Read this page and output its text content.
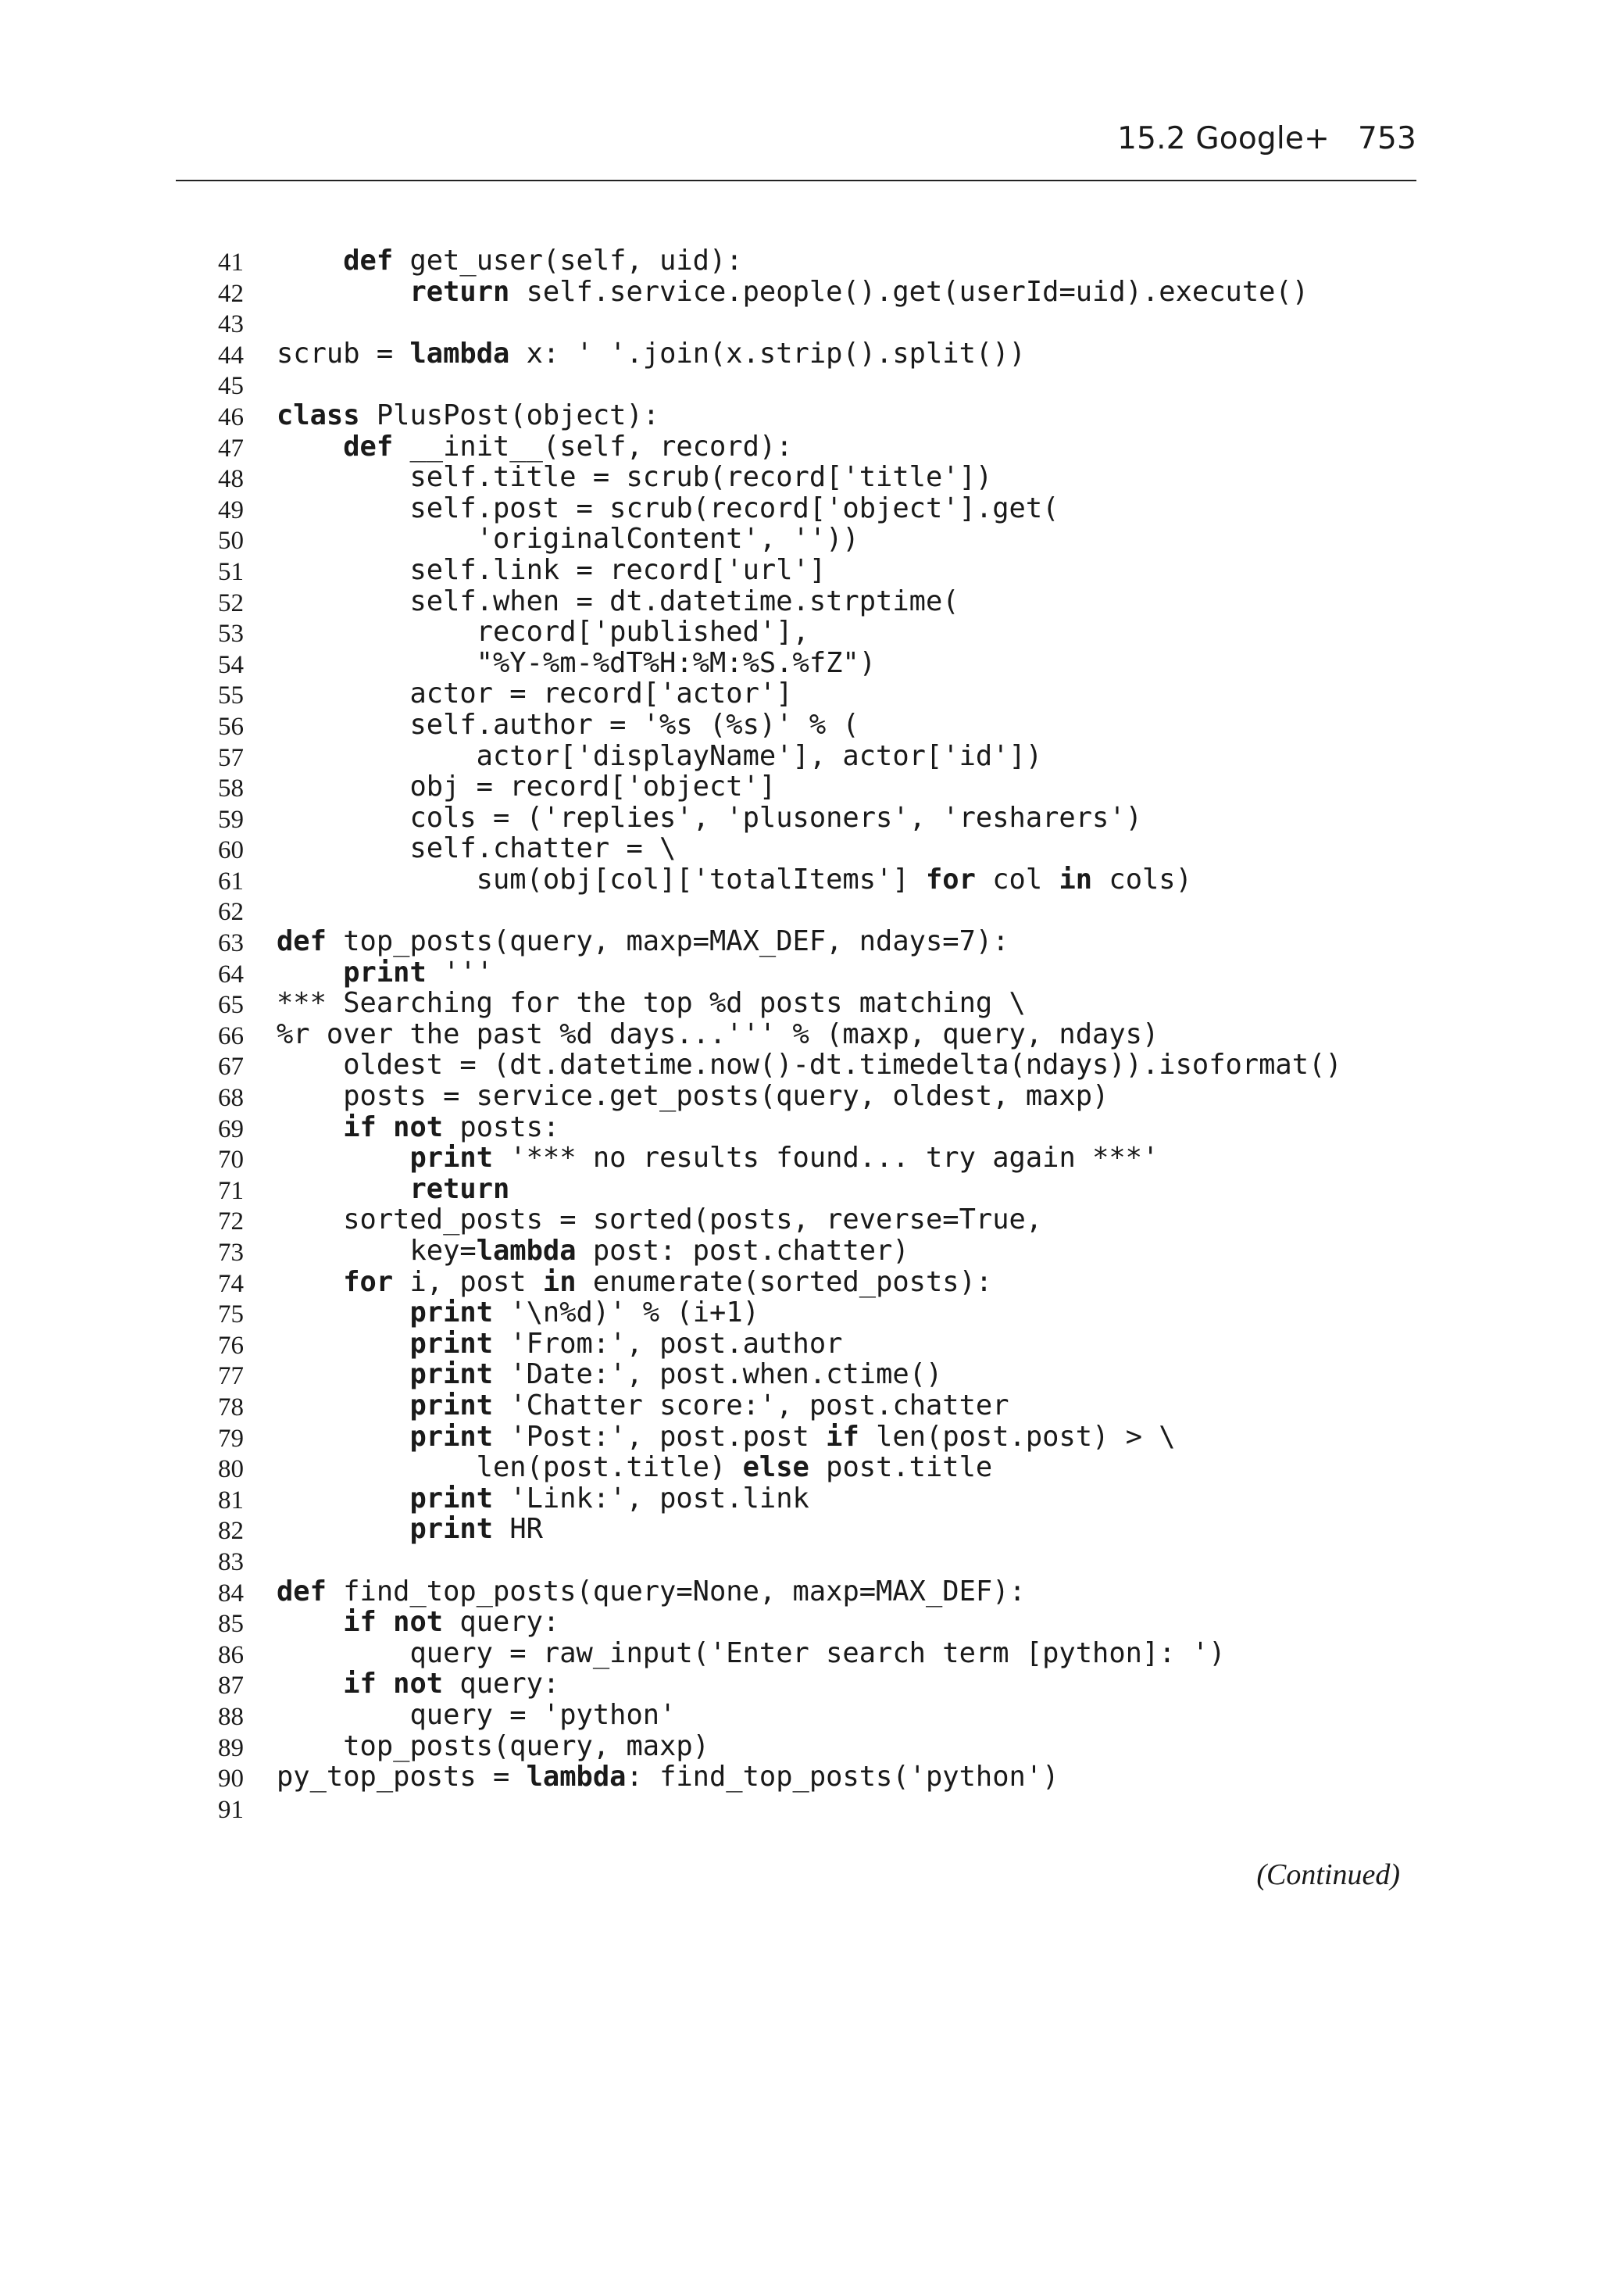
15.2 Google+ 753
41	def get_user(self, uid):
42	return self.service.people().get(userId=uid).execute()
43
44 scrub = lambda x: ' '.join(x.strip().split())
45
46 class PlusPost(object):
47	def __init__(self, record):
48 self.title = scrub(record['title'])
49 self.post = scrub(record['object'].get(
50 'originalContent', ''))
51 self.link = record['url']
52 self.when = dt.datetime.strptime(
53 record['published'],
54 "%Y-%m-%dT%H:%M:%S.%fZ")
55 actor = record['actor']
56 self.author = '%s (%s)' % (
57 actor['displayName'], actor['id'])
58 obj = record['object']
59 cols = ('replies', 'plusoners', 'resharers')
60 self.chatter = \
61 sum(obj[col]['totalItems'] for col in cols)
62
63 def top_posts(query, maxp=MAX_DEF, ndays=7):
64	print '''
65 *** Searching for the top %d posts matching \
66 %r over the past %d days...''' % (maxp, query, ndays)
67 oldest = (dt.datetime.now()-dt.timedelta(ndays)).isoformat()
68 posts = service.get_posts(query, oldest, maxp)
69	if not posts:
70	print '*** no results found... try again ***'
71	return
72 sorted_posts = sorted(posts, reverse=True,
73 key=lambda post: post.chatter)
74	for i, post in enumerate(sorted_posts):
75	print '\n%d)' % (i+1)
76	print 'From:', post.author
77	print 'Date:', post.when.ctime()
78	print 'Chatter score:', post.chatter
79	print 'Post:', post.post if len(post.post) > \
80 len(post.title) else post.title
81	print 'Link:', post.link
82	print HR
83
84 def find_top_posts(query=None, maxp=MAX_DEF):
85	if not query:
86 query = raw_input('Enter search term [python]: ')
87	if not query:
88 query = 'python'
89 top_posts(query, maxp)
90 py_top_posts = lambda: find_top_posts('python')
91
(Continued)
